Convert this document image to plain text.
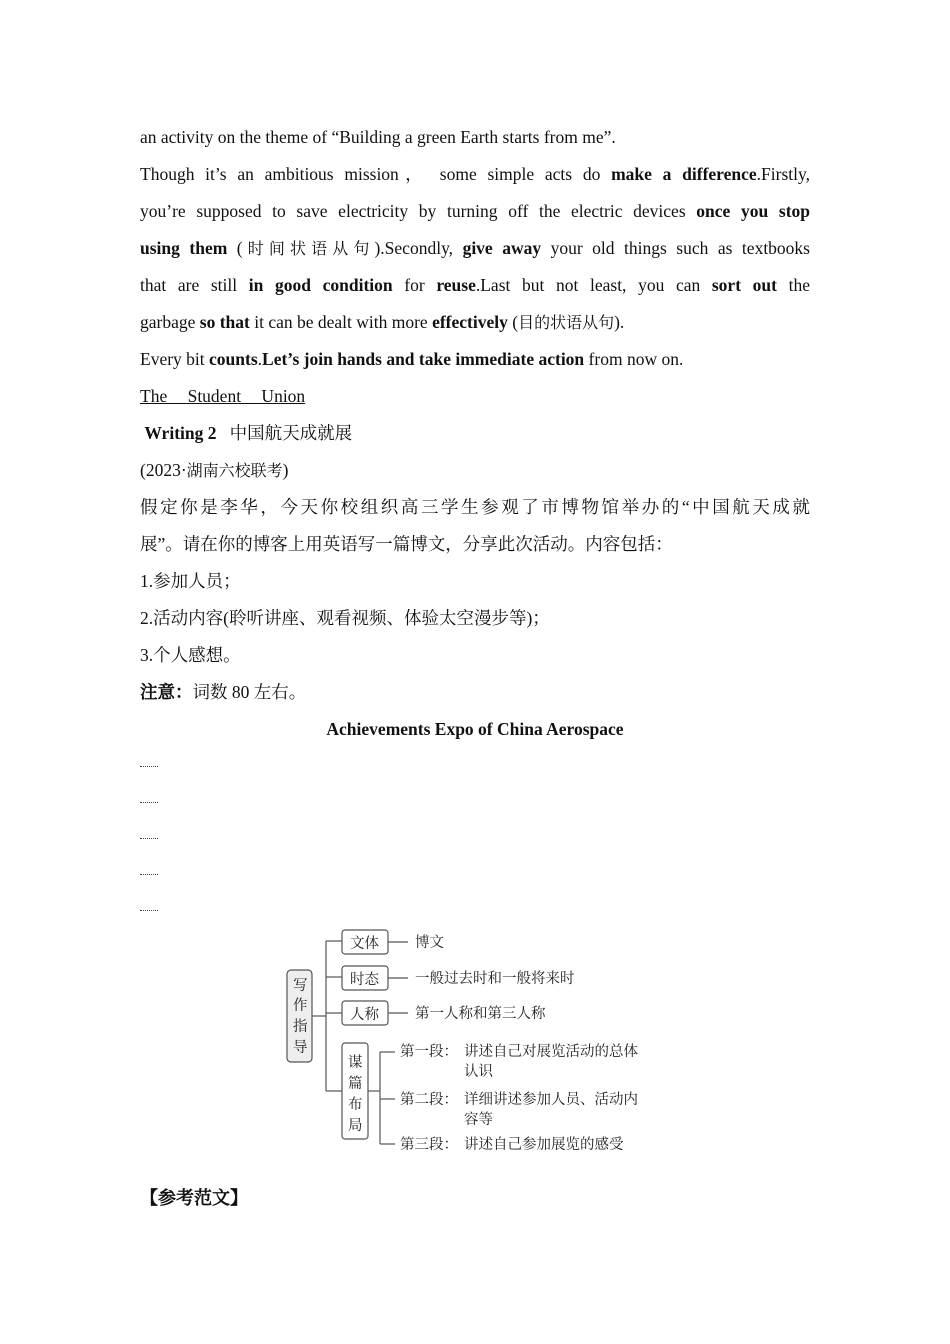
an activity on the theme of “Building a green Earth starts from me”.
Though it’s an ambitious mission， some simple acts do make a difference.Firstly,
you’re supposed to save electricity by turning off the electric devices once you stop
using them (时间状语从句).Secondly, give away your old things such as textbooks
that are still in good condition for reuse.Last but not least, you can sort out the
garbage so that it can be dealt with more effectively (目的状语从句).
Every bit counts.Let’s join hands and take immediate action from now on.
The Student Union
Writing 2 中国航天成就展
(2023·湖南六校联考)
假定你是李华，今天你校组织高三学生参观了市博物馆举办的“中国航天成就
展”。请在你的博客上用英语写一篇博文，分享此次活动。内容包括：
1.参加人员；
2.活动内容(聆听讲座、观看视频、体验太空漫步等)；
3.个人感想。
注意：词数 80 左右。
Achievements Expo of China Aerospace
写
作
指
导
文体
时态
人称
谋
篇
布
局
博文
一般过去时和一般将来时
第一人称和第三人称
第一段： 讲述自己对展览活动的总体
认识
第二段： 详细讲述参加人员、活动内
容等
第三段： 讲述自己参加展览的感受
【参考范文】
